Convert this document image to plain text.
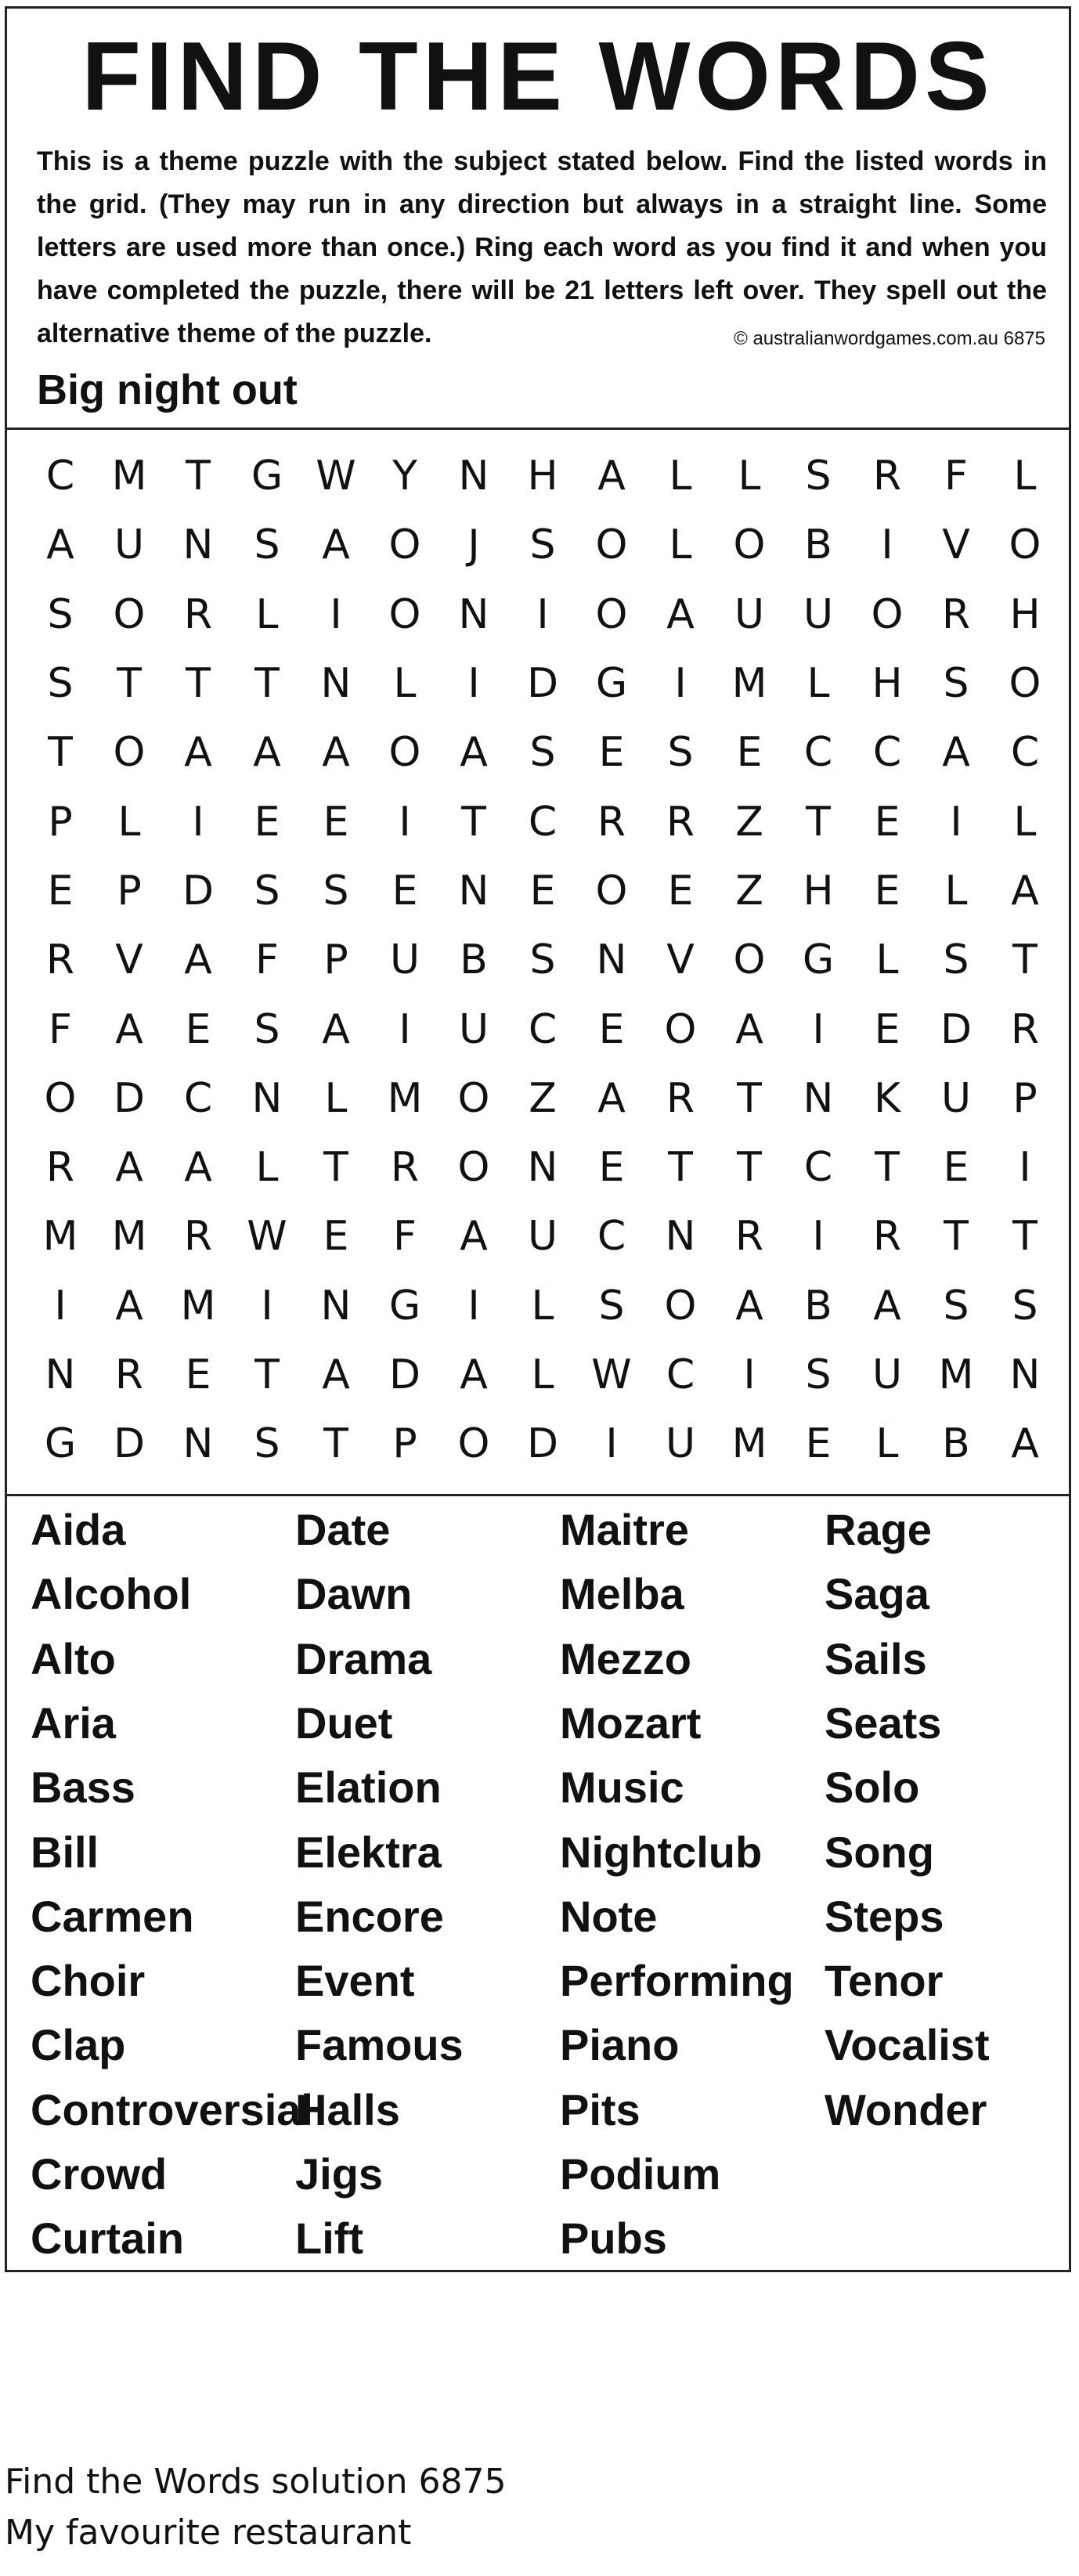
FIND THE WORDS

This is a theme puzzle with the subject stated below. Find the listed words in the grid. (They may run in any direction but always in a straight line. Some letters are used more than once.) Ring each word as you find it and when you have completed the puzzle, there will be 21 letters left over. They spell out the alternative theme of the puzzle.	© australianwordgames.com.au 6875
Big night out
C M T G W Y	N H A	L	L	S	R	F	L
A U N	S	A O	J	S O	L	O B	I	V O
S O R	L	I	O N	I	O A U U O R H
S	T	T	T	N	L	I	D G	I	M L	H S O
T O A	A	A O A	S	E	S	E	C C	A	C
P	L	I	E	E	I	T	C R R	Z	T	E	I	L
E	P	D S	S	E	N	E O E	Z H	E	L	A
R	V	A	F	P	U B	S	N V O G	L	S	T
F	A	E	S	A	I	U C	E O A	I	E D R
O D C N	L M O Z	A	R	T	N K U	P
R	A	A	L	T	R O N	E	T	T	C	T	E	I
M M R W E	F	A U C N R	I	R	T	T
I	A M	I	N G	I	L	S O A	B	A	S	S
N R	E	T	A D A	L W C	I	S	U M N
G D N	S	T	P O D	I	U M E	L	B	A
Aida
Alcohol
Alto
Aria
Bass
Bill
Carmen
Choir
Clap
Controversial
Crowd
Curtain
Date
Dawn
Drama
Duet
Elation
Elektra
Encore
Event
Famous
Halls
Jigs
Lift
Maitre
Melba
Mezzo
Mozart
Music
Nightclub
Note
Performing
Piano
Pits
Podium
Pubs
Rage
Saga
Sails
Seats
Solo
Song
Steps
Tenor
Vocalist
Wonder
Find the Words solution 6875
My favourite restaurant
